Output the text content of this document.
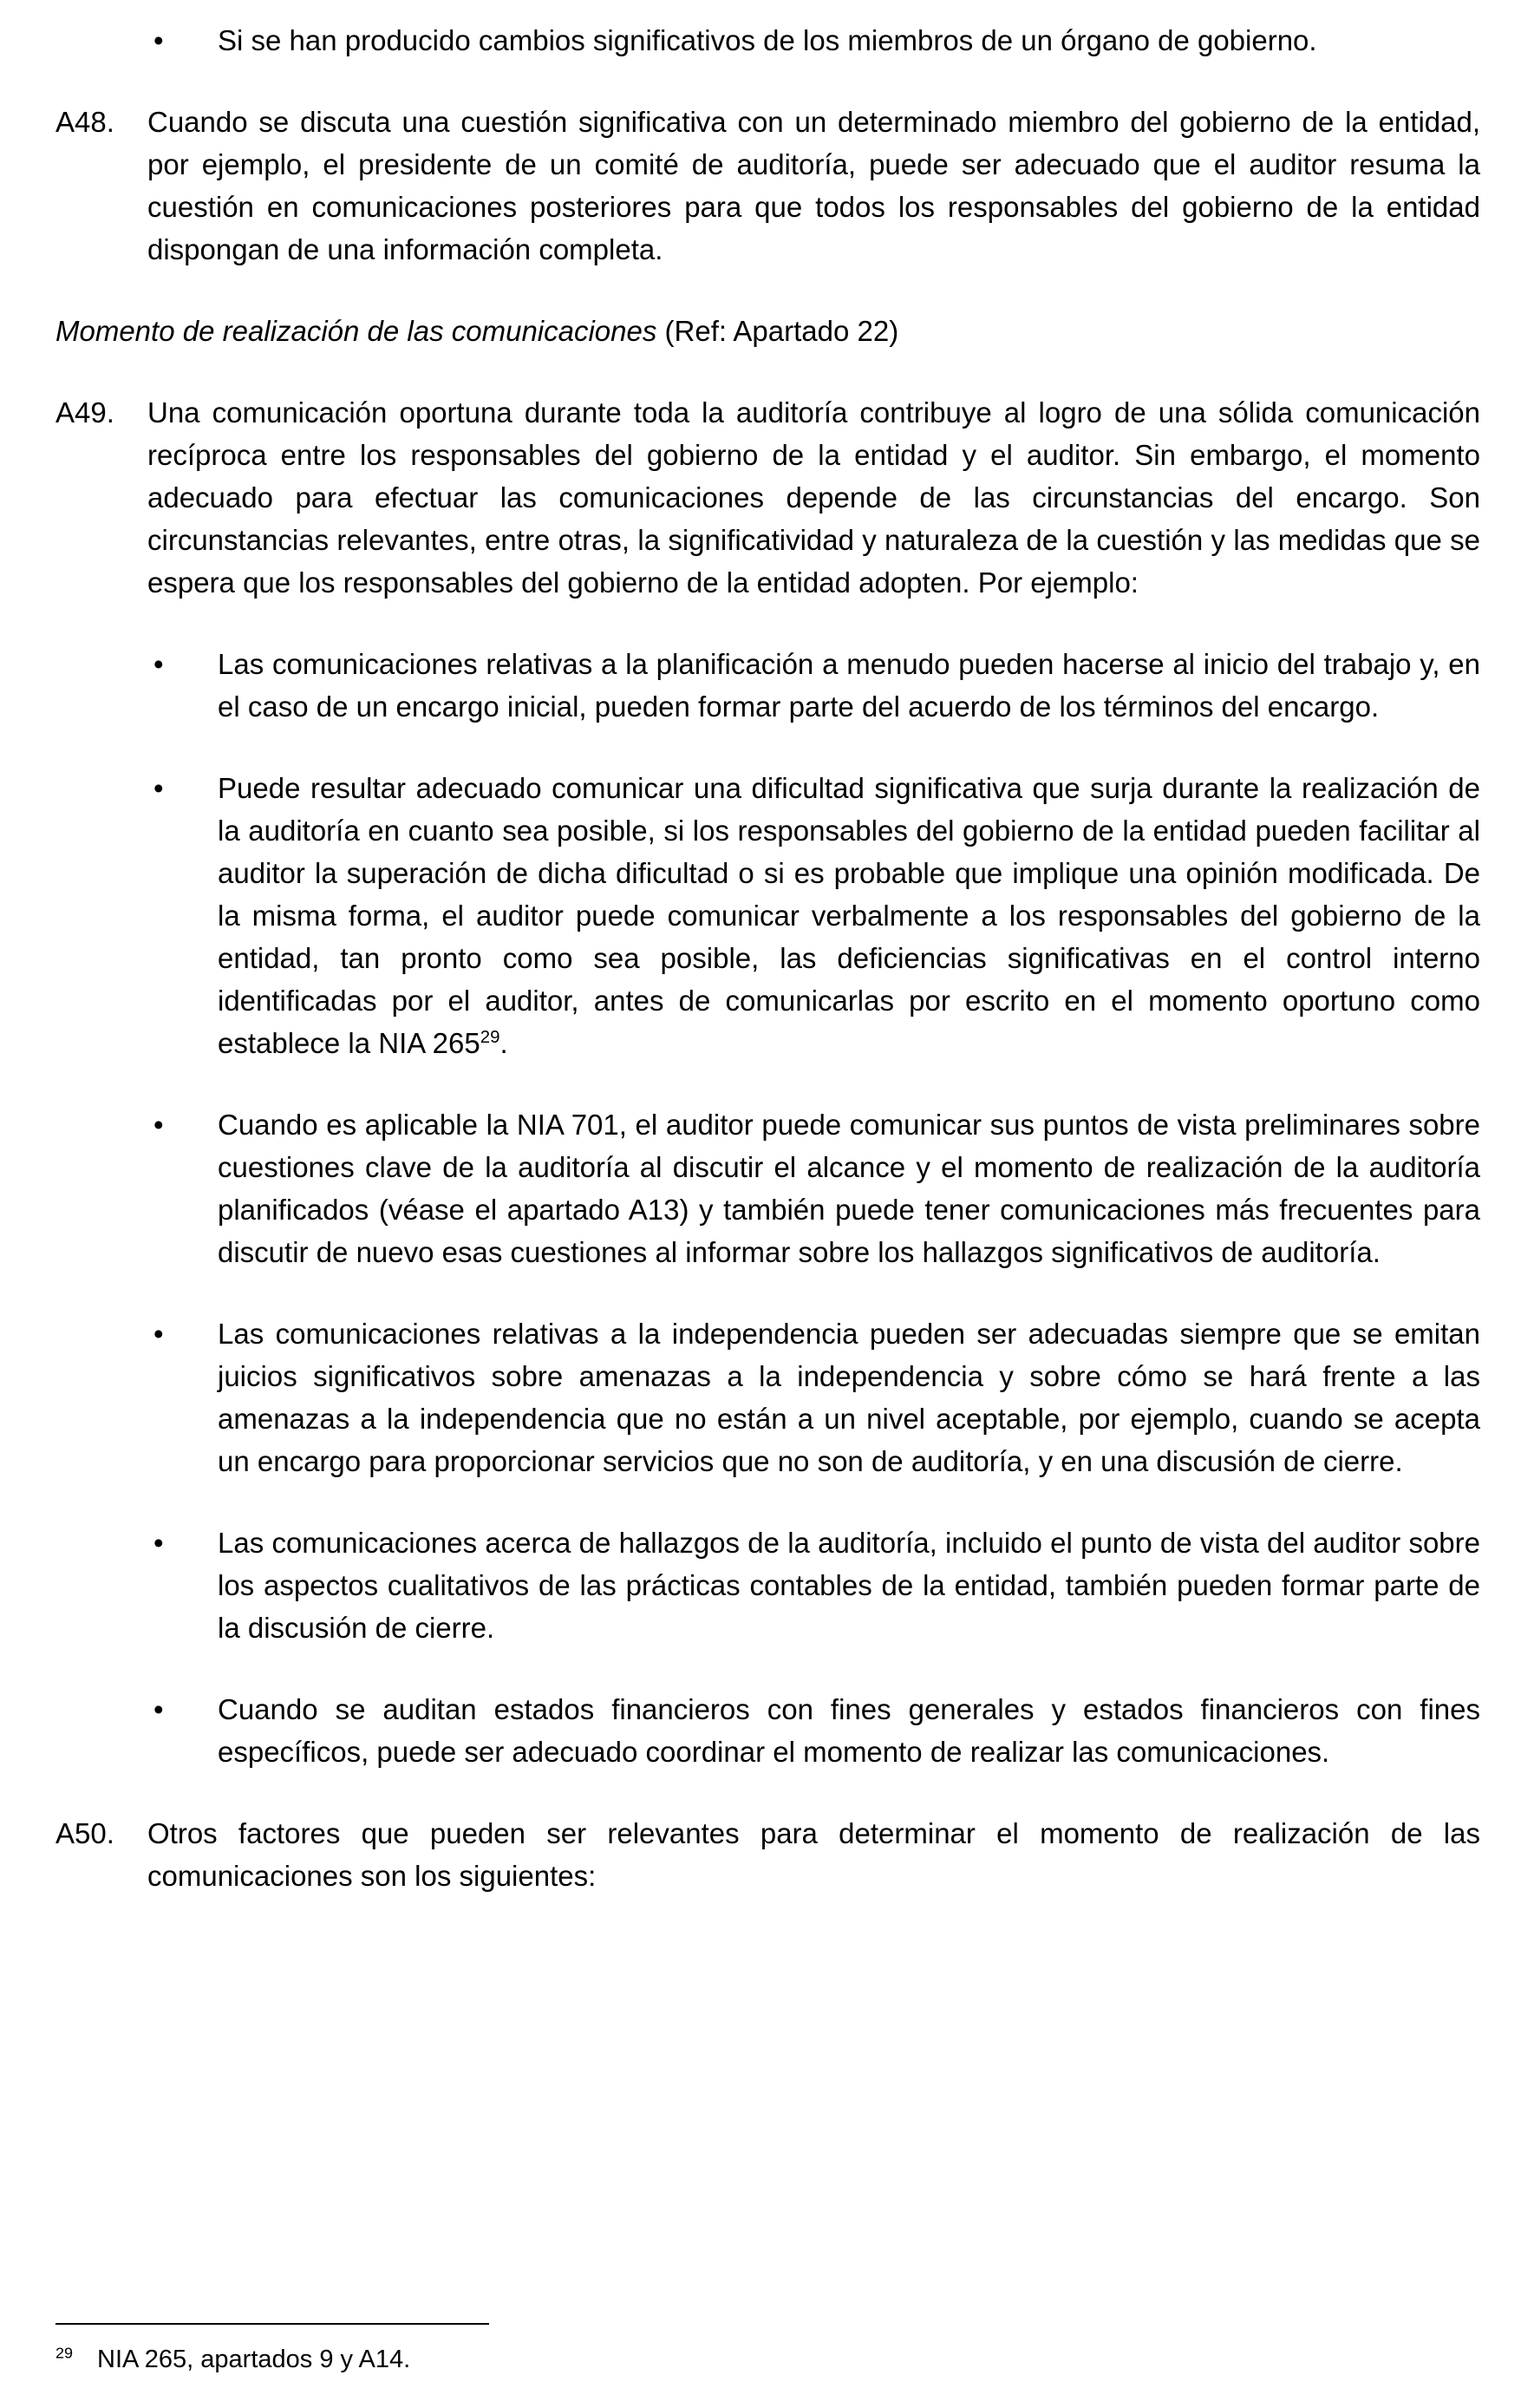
•	Si se han producido cambios significativos de los miembros de un órgano de gobierno.
A48.	Cuando se discuta una cuestión significativa con un determinado miembro del gobierno de la entidad, por ejemplo, el presidente de un comité de auditoría, puede ser adecuado que el auditor resuma la cuestión en comunicaciones posteriores para que todos los responsables del gobierno de la entidad dispongan de una información completa.
Momento de realización de las comunicaciones (Ref: Apartado 22)
A49.	Una comunicación oportuna durante toda la auditoría contribuye al logro de una sólida comunicación recíproca entre los responsables del gobierno de la entidad y el auditor. Sin embargo, el momento adecuado para efectuar las comunicaciones depende de las circunstancias del encargo. Son circunstancias relevantes, entre otras, la significatividad y naturaleza de la cuestión y las medidas que se espera que los responsables del gobierno de la entidad adopten. Por ejemplo:
•	Las comunicaciones relativas a la planificación a menudo pueden hacerse al inicio del trabajo y, en el caso de un encargo inicial, pueden formar parte del acuerdo de los términos del encargo.
•	Puede resultar adecuado comunicar una dificultad significativa que surja durante la realización de la auditoría en cuanto sea posible, si los responsables del gobierno de la entidad pueden facilitar al auditor la superación de dicha dificultad o si es probable que implique una opinión modificada. De la misma forma, el auditor puede comunicar verbalmente a los responsables del gobierno de la entidad, tan pronto como sea posible, las deficiencias significativas en el control interno identificadas por el auditor, antes de comunicarlas por escrito en el momento oportuno como establece la NIA $265^{29}$.
•	Cuando es aplicable la NIA 701, el auditor puede comunicar sus puntos de vista preliminares sobre cuestiones clave de la auditoría al discutir el alcance y el momento de realización de la auditoría planificados (véase el apartado A13) y también puede tener comunicaciones más frecuentes para discutir de nuevo esas cuestiones al informar sobre los hallazgos significativos de auditoría.
•	Las comunicaciones relativas a la independencia pueden ser adecuadas siempre que se emitan juicios significativos sobre amenazas a la independencia y sobre cómo se hará frente a las amenazas a la independencia que no están a un nivel aceptable, por ejemplo, cuando se acepta un encargo para proporcionar servicios que no son de auditoría, y en una discusión de cierre.
•	Las comunicaciones acerca de hallazgos de la auditoría, incluido el punto de vista del auditor sobre los aspectos cualitativos de las prácticas contables de la entidad, también pueden formar parte de la discusión de cierre.
•	Cuando se auditan estados financieros con fines generales y estados financieros con fines específicos, puede ser adecuado coordinar el momento de realizar las comunicaciones.
A50.	Otros factores que pueden ser relevantes para determinar el momento de realización de las comunicaciones son los siguientes:
$^{29}$ NIA 265, apartados 9 y A14.
